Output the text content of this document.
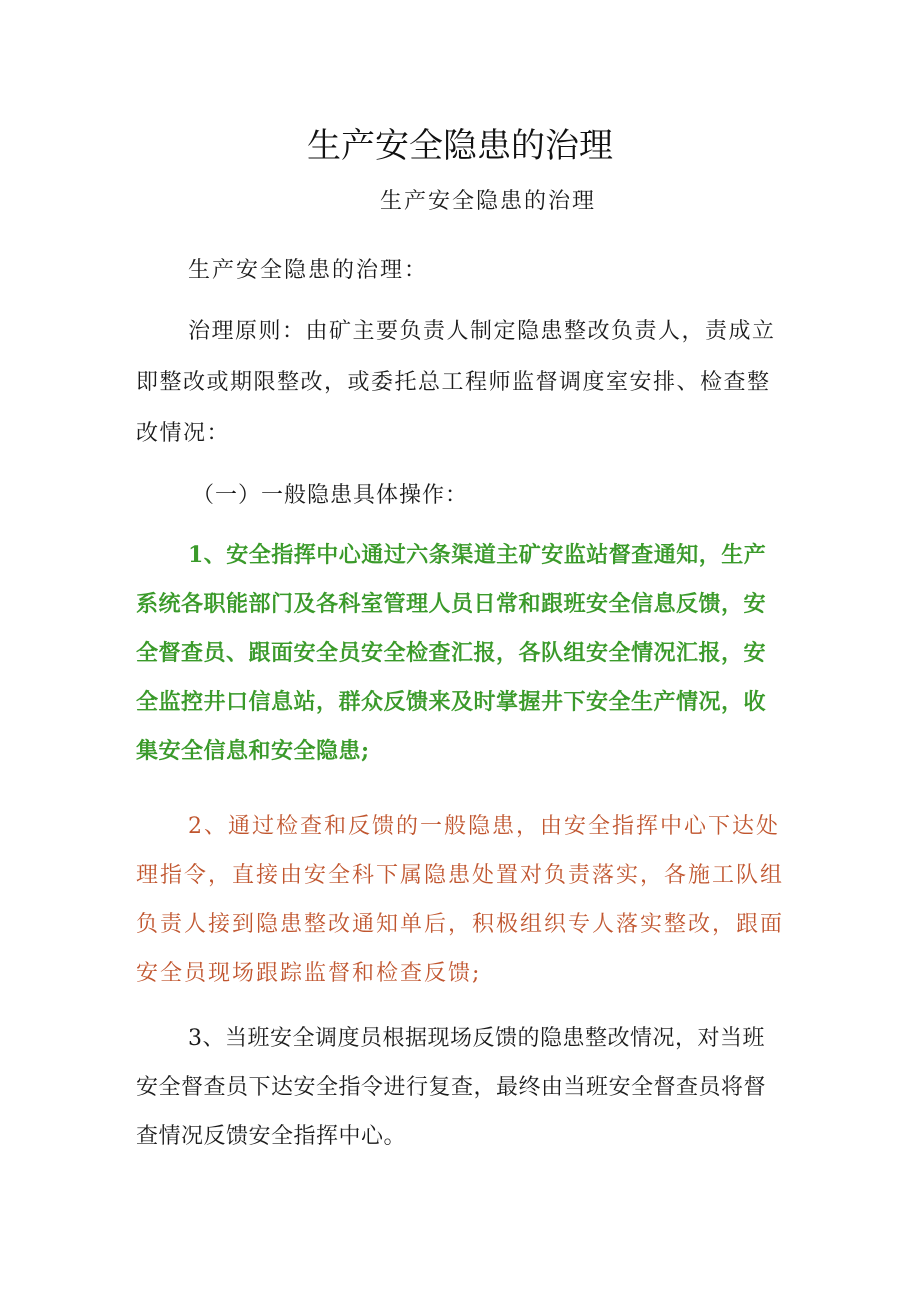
生产安全隐患的治理
生产安全隐患的治理

生产安全隐患的治理：

治理原则：由矿主要负责人制定隐患整改负责人，责成立即整改或期限整改，或委托总工程师监督调度室安排、检查整改情况：

（一）一般隐患具体操作：

1、安全指挥中心通过六条渠道主矿安监站督查通知，生产系统各职能部门及各科室管理人员日常和跟班安全信息反馈，安全督查员、跟面安全员安全检查汇报，各队组安全情况汇报，安全监控井口信息站，群众反馈来及时掌握井下安全生产情况，收集安全信息和安全隐患;

2、通过检查和反馈的一般隐患，由安全指挥中心下达处理指令，直接由安全科下属隐患处置对负责落实，各施工队组负责人接到隐患整改通知单后，积极组织专人落实整改，跟面安全员现场跟踪监督和检查反馈;

3、当班安全调度员根据现场反馈的隐患整改情况，对当班安全督查员下达安全指令进行复查，最终由当班安全督查员将督查情况反馈安全指挥中心。
